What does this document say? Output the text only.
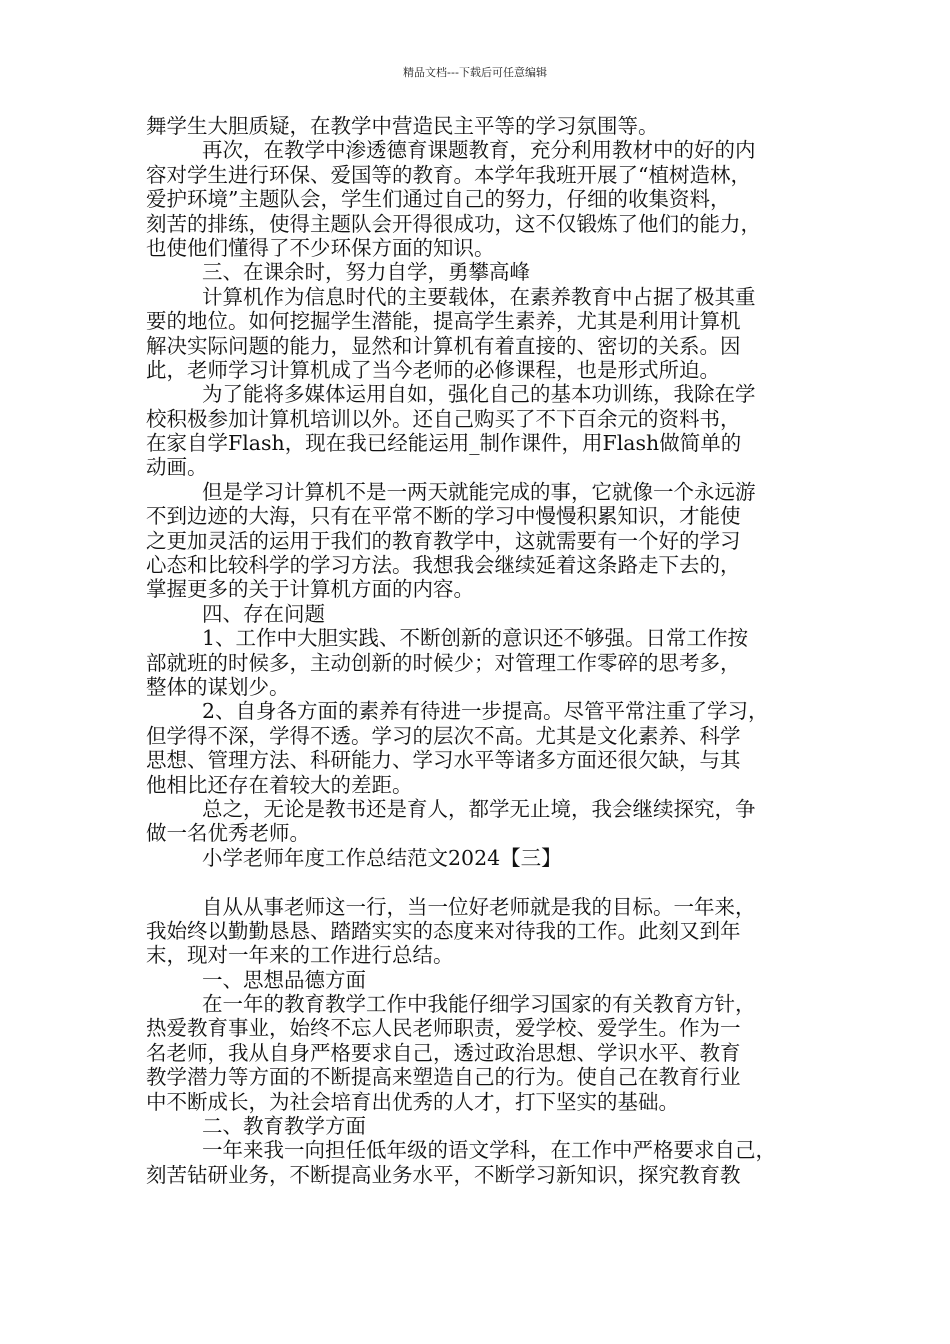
精品文档---下载后可任意编辑
舞学生大胆质疑，在教学中营造民主平等的学习氛围等。
再次，在教学中渗透德育课题教育，充分利用教材中的好的内
容对学生进行环保、爱国等的教育。本学年我班开展了“植树造林，
爱护环境”主题队会，学生们通过自己的努力，仔细的收集资料，
刻苦的排练，使得主题队会开得很成功，这不仅锻炼了他们的能力，
也使他们懂得了不少环保方面的知识。
三、在课余时，努力自学，勇攀高峰
计算机作为信息时代的主要载体，在素养教育中占据了极其重
要的地位。如何挖掘学生潜能，提高学生素养，尤其是利用计算机
解决实际问题的能力，显然和计算机有着直接的、密切的关系。因
此，老师学习计算机成了当今老师的必修课程，也是形式所迫。
为了能将多媒体运用自如，强化自己的基本功训练，我除在学
校积极参加计算机培训以外。还自己购买了不下百余元的资料书，
在家自学Flash，现在我已经能运用_制作课件，用Flash做简单的
动画。
但是学习计算机不是一两天就能完成的事，它就像一个永远游
不到边迹的大海，只有在平常不断的学习中慢慢积累知识，才能使
之更加灵活的运用于我们的教育教学中，这就需要有一个好的学习
心态和比较科学的学习方法。我想我会继续延着这条路走下去的，
掌握更多的关于计算机方面的内容。
四、存在问题
1、工作中大胆实践、不断创新的意识还不够强。日常工作按
部就班的时候多，主动创新的时候少；对管理工作零碎的思考多，
整体的谋划少。
2、自身各方面的素养有待进一步提高。尽管平常注重了学习，
但学得不深，学得不透。学习的层次不高。尤其是文化素养、科学
思想、管理方法、科研能力、学习水平等诸多方面还很欠缺，与其
他相比还存在着较大的差距。
总之，无论是教书还是育人，都学无止境，我会继续探究，争
做一名优秀老师。
小学老师年度工作总结范文2024【三】
自从从事老师这一行，当一位好老师就是我的目标。一年来，
我始终以勤勤恳恳、踏踏实实的态度来对待我的工作。此刻又到年
末，现对一年来的工作进行总结。
一、思想品德方面
在一年的教育教学工作中我能仔细学习国家的有关教育方针，
热爱教育事业，始终不忘人民老师职责，爱学校、爱学生。作为一
名老师，我从自身严格要求自己，透过政治思想、学识水平、教育
教学潜力等方面的不断提高来塑造自己的行为。使自己在教育行业
中不断成长，为社会培育出优秀的人才，打下坚实的基础。
二、教育教学方面
一年来我一向担任低年级的语文学科，在工作中严格要求自己，
刻苦钻研业务，不断提高业务水平，不断学习新知识，探究教育教
